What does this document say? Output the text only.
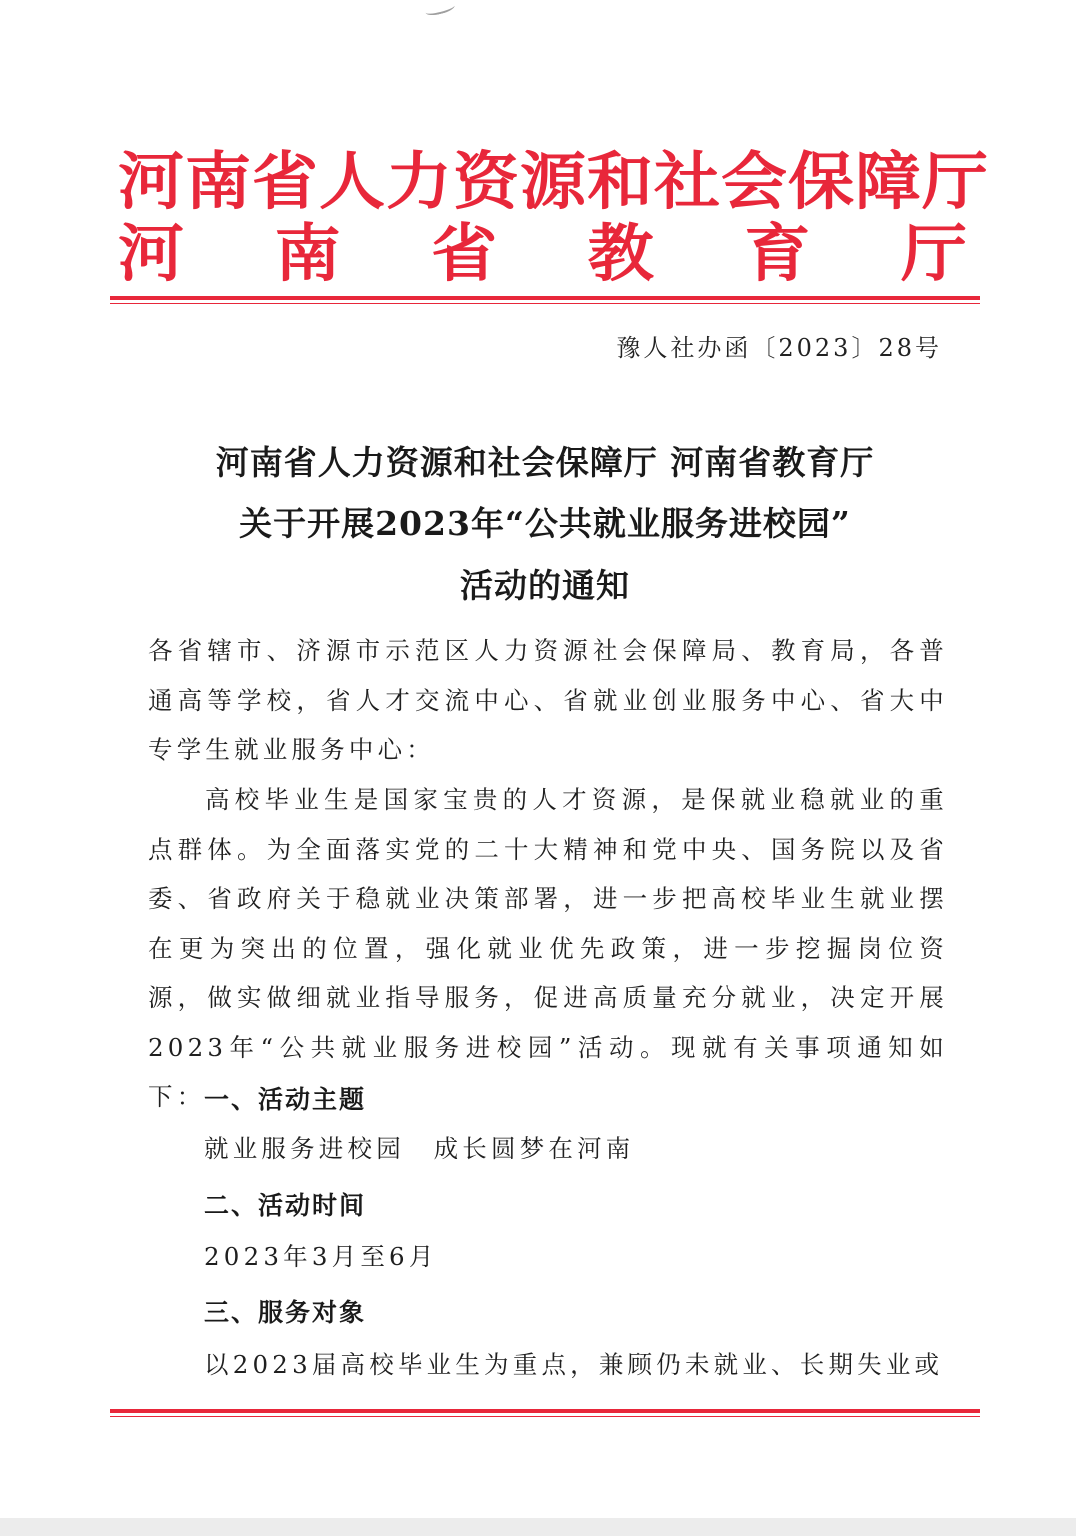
河 南 省 人 力 资 源 和 社 会 保 障 厅
河 南 省 教 育 厅
豫人社办函〔2023〕28号
河南省人力资源和社会保障厅 河南省教育厅
关于开展2023年“公共就业服务进校园”
活动的通知
各省辖市、济源市示范区人力资源社会保障局、教育局，各普通高等学校，省人才交流中心、省就业创业服务中心、省大中专学生就业服务中心：
高校毕业生是国家宝贵的人才资源，是保就业稳就业的重点群体。为全面落实党的二十大精神和党中央、国务院以及省委、省政府关于稳就业决策部署，进一步把高校毕业生就业摆在更为突出的位置，强化就业优先政策，进一步挖掘岗位资源，做实做细就业指导服务，促进高质量充分就业，决定开展2023年“公共就业服务进校园”活动。现就有关事项通知如下：
一、活动主题
就业服务进校园　成长圆梦在河南
二、活动时间
2023年3月至6月
三、服务对象
以2023届高校毕业生为重点，兼顾仍未就业、长期失业或
